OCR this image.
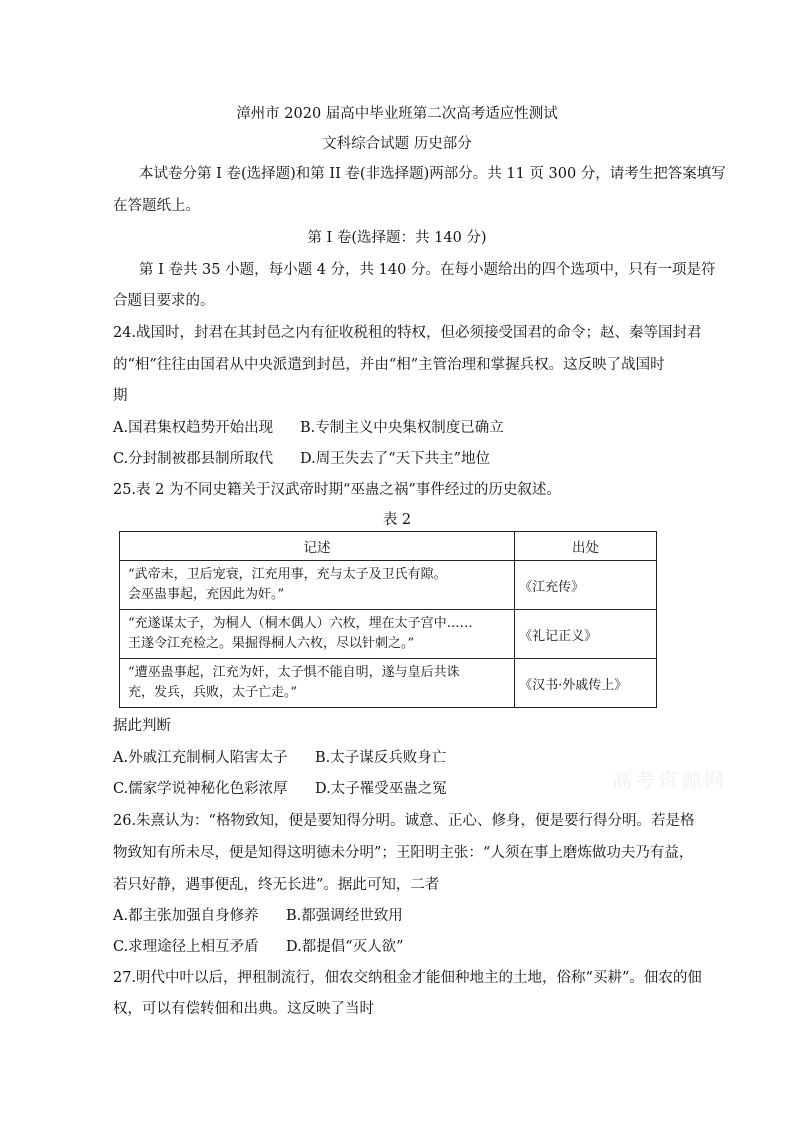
漳州市 2020 届高中毕业班第二次高考适应性测试
文科综合试题 历史部分
本试卷分第 I 卷(选择题)和第 II 卷(非选择题)两部分。共 11 页 300 分，请考生把答案填写
在答题纸上。
第 I 卷(选择题：共 140 分)
第 I 卷共 35 小题，每小题 4 分，共 140 分。在每小题给出的四个选项中，只有一项是符
合题目要求的。
24.战国时，封君在其封邑之内有征收税租的特权，但必须接受国君的命令；赵、秦等国封君
的“相”往往由国君从中央派遣到封邑，并由“相”主管治理和掌握兵权。这反映了战国时
期
A.国君集权趋势开始出现 B.专制主义中央集权制度已确立
C.分封制被郡县制所取代 D.周王失去了“天下共主”地位
25.表 2 为不同史籍关于汉武帝时期“巫蛊之祸”事件经过的历史叙述。
表 2
记述	出处

“武帝末，卫后宠衰，江充用事，充与太子及卫氏有隙。
会巫蛊事起，充因此为奸。”	《江充传》

“充遂谋太子，为桐人（桐木偶人）六枚，埋在太子宫中……
王遂令江充检之。果掘得桐人六枚，尽以针刺之。”	《礼记正义》

“遭巫蛊事起，江充为奸，太子惧不能自明，遂与皇后共诛
充，发兵，兵败，太子亡走。”	《汉书·外戚传上》
据此判断
A.外戚江充制桐人陷害太子 B.太子谋反兵败身亡
C.儒家学说神秘化色彩浓厚 D.太子罹受巫蛊之冤
26.朱熹认为：“格物致知，便是要知得分明。诚意、正心、修身，便是要行得分明。若是格
物致知有所未尽，便是知得这明德未分明”；王阳明主张：“人须在事上磨炼做功夫乃有益，
若只好静，遇事便乱，终无长进”。据此可知，二者
A.都主张加强自身修养 B.都强调经世致用
C.求理途径上相互矛盾 D.都提倡“灭人欲”
27.明代中叶以后，押租制流行，佃农交纳租金才能佃种地主的土地，俗称“买耕”。佃农的佃
权，可以有偿转佃和出典。这反映了当时
高考资源网
